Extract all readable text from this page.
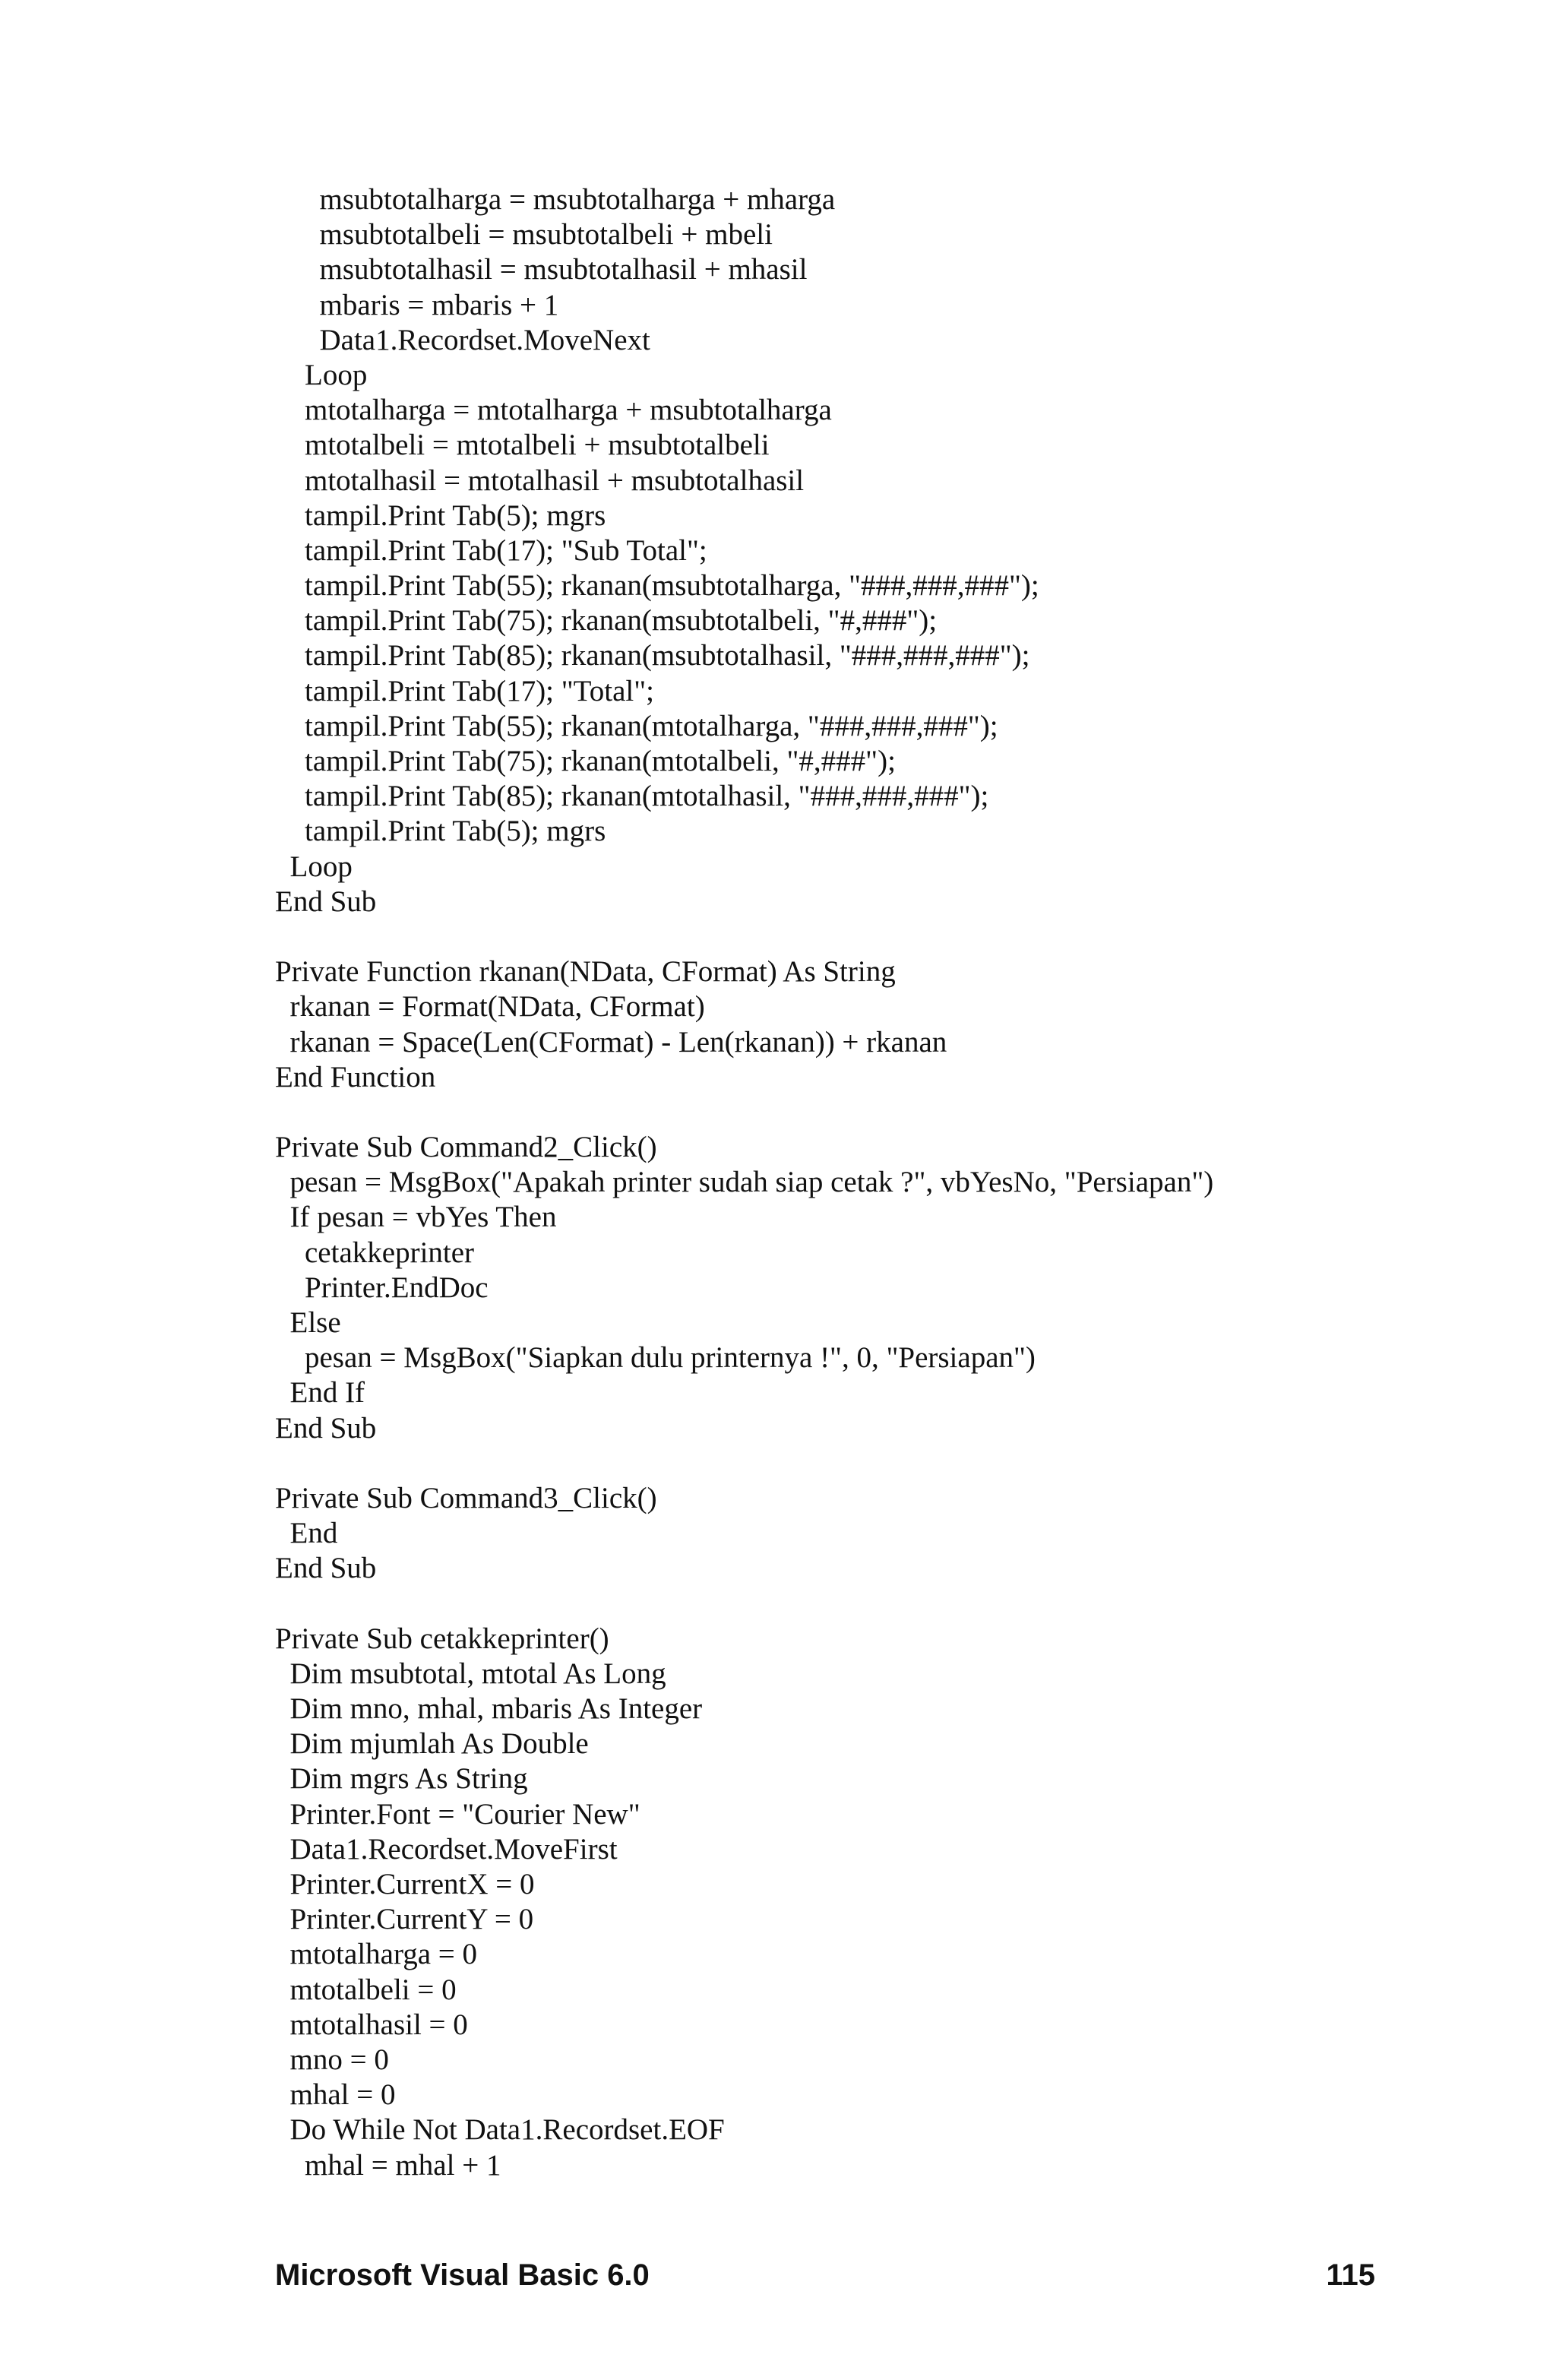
msubtotalharga = msubtotalharga + mharga
msubtotalbeli = msubtotalbeli + mbeli
msubtotalhasil = msubtotalhasil + mhasil
mbaris = mbaris + 1
Data1.Recordset.MoveNext
Loop
mtotalharga = mtotalharga + msubtotalharga
mtotalbeli = mtotalbeli + msubtotalbeli
mtotalhasil = mtotalhasil + msubtotalhasil
tampil.Print Tab(5); mgrs
tampil.Print Tab(17); "Sub Total";
tampil.Print Tab(55); rkanan(msubtotalharga, "###,###,###");
tampil.Print Tab(75); rkanan(msubtotalbeli, "#,###");
tampil.Print Tab(85); rkanan(msubtotalhasil, "###,###,###");
tampil.Print Tab(17); "Total";
tampil.Print Tab(55); rkanan(mtotalharga, "###,###,###");
tampil.Print Tab(75); rkanan(mtotalbeli, "#,###");
tampil.Print Tab(85); rkanan(mtotalhasil, "###,###,###");
tampil.Print Tab(5); mgrs
Loop
End Sub
Private Function rkanan(NData, CFormat) As String
rkanan = Format(NData, CFormat)
rkanan = Space(Len(CFormat) - Len(rkanan)) + rkanan
End Function
Private Sub Command2_Click()
pesan = MsgBox("Apakah printer sudah siap cetak ?", vbYesNo, "Persiapan")
If pesan = vbYes Then
cetakkeprinter
Printer.EndDoc
Else
pesan = MsgBox("Siapkan dulu printernya !", 0, "Persiapan")
End If
End Sub
Private Sub Command3_Click()
End
End Sub
Private Sub cetakkeprinter()
Dim msubtotal, mtotal As Long
Dim mno, mhal, mbaris As Integer
Dim mjumlah As Double
Dim mgrs As String
Printer.Font = "Courier New"
Data1.Recordset.MoveFirst
Printer.CurrentX = 0
Printer.CurrentY = 0
mtotalharga = 0
mtotalbeli = 0
mtotalhasil = 0
mno = 0
mhal = 0
Do While Not Data1.Recordset.EOF
mhal = mhal + 1
Microsoft Visual Basic 6.0	115
